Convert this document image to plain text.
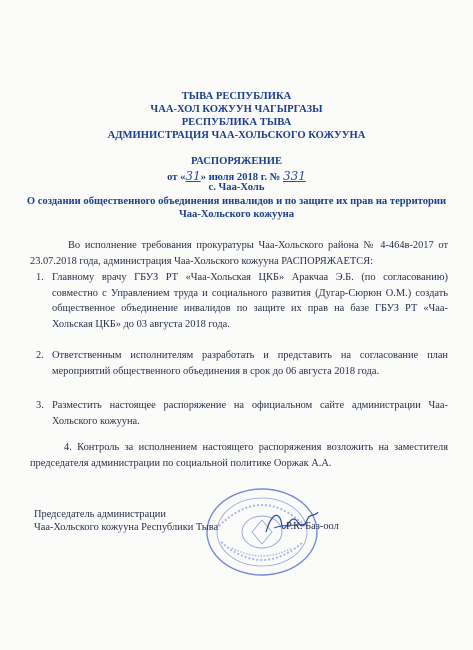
ТЫВА РЕСПУБЛИКА
ЧАА-ХОЛ КОЖУУН ЧАГЫРГАЗЫ
РЕСПУБЛИКА ТЫВА
АДМИНИСТРАЦИЯ ЧАА-ХОЛЬСКОГО КОЖУУНА
РАСПОРЯЖЕНИЕ
от «31» июля 2018 г. № 331
с. Чаа-Холь
О создании общественного объединения инвалидов и по защите их прав на территории Чаа-Хольского кожууна
Во исполнение требования прокуратуры Чаа-Хольского района № 4-464в-2017 от 23.07.2018 года, администрация Чаа-Хольского кожууна РАСПОРЯЖАЕТСЯ:
1. Главному врачу ГБУЗ РТ «Чаа-Хольская ЦКБ» Аракчаа Э.Б. (по согласованию) совместно с Управлением труда и социального развития (Дугар-Сюрюн О.М.) создать общественное объединение инвалидов по защите их прав на базе ГБУЗ РТ «Чаа-Хольская ЦКБ» до 03 августа 2018 года.
2. Ответственным исполнителям разработать и представить на согласование план мероприятий общественного объединения в срок до 06 августа 2018 года.
3. Разместить настоящее распоряжение на официальном сайте администрации Чаа-Хольского кожууна.
4. Контроль за исполнением настоящего распоряжения возложить на заместителя председателя администрации по социальной политике Ооржак А.А.
Председатель администрации
Чаа-Хольского кожууна Республики Тыва	Р.К. Баз-оол
